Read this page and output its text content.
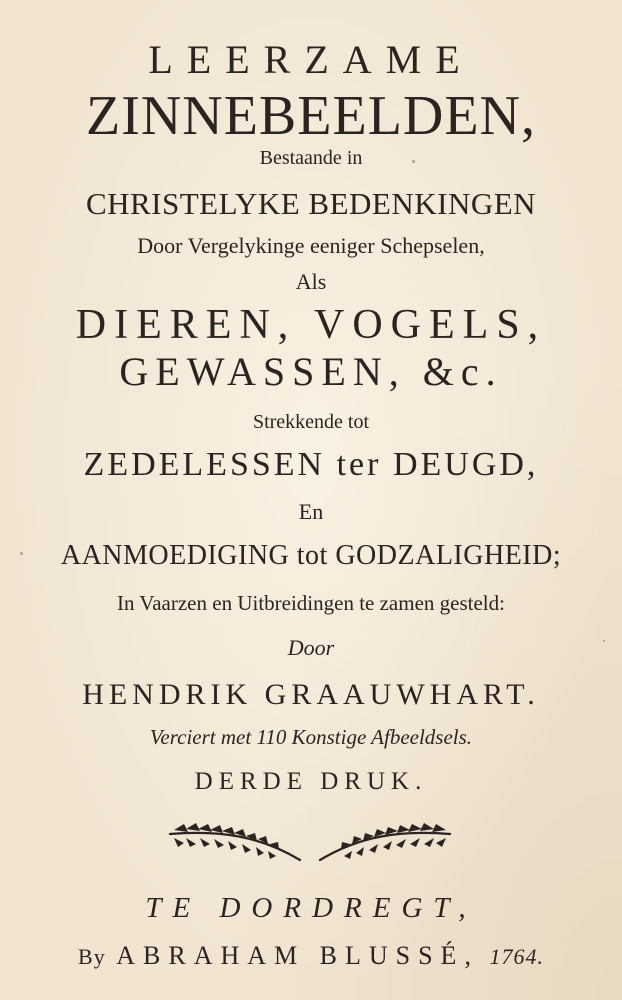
LEERZAME
ZINNEBEELDEN,
Bestaande in
CHRISTELYKE BEDENKINGEN
Door Vergelykinge eeniger Schepselen,
Als
DIEREN, VOGELS,
GEWASSEN, &c.
Strekkende tot
ZEDELESSEN ter DEUGD,
En
AANMOEDIGING tot GODZALIGHEID;
In Vaarzen en Uitbreidingen te zamen gesteld:
Door
HENDRIK GRAAUWHART.
Verciert met 110 Konstige Afbeeldsels.
DERDE DRUK.
TE DORDREGT,
By ABRAHAM BLUSSÉ, 1764.
